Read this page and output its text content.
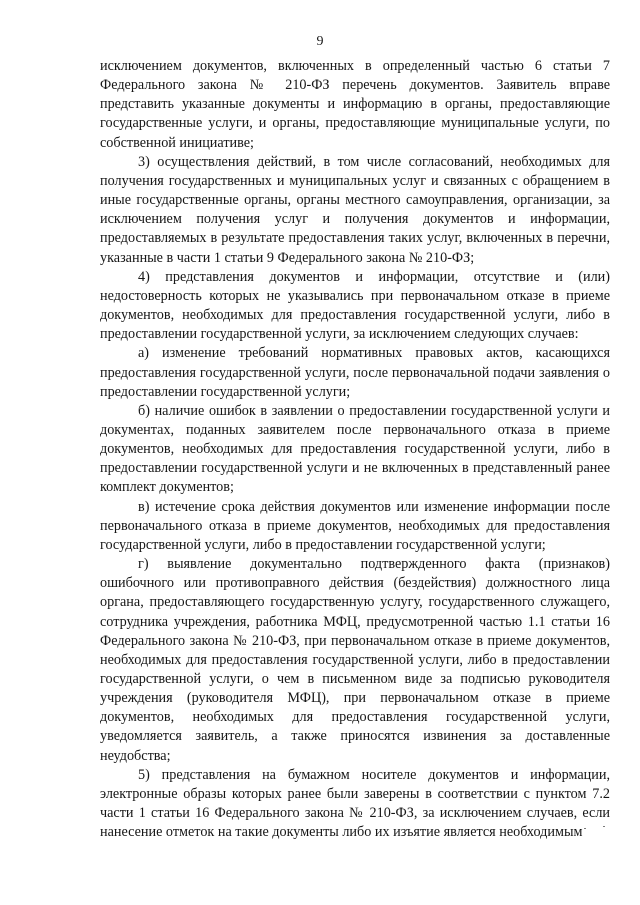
9

исключением документов, включенных в определенный частью 6 статьи 7 Федерального закона № 210-ФЗ перечень документов. Заявитель вправе представить указанные документы и информацию в органы, предоставляющие государственные услуги, и органы, предоставляющие муниципальные услуги, по собственной инициативе;

3) осуществления действий, в том числе согласований, необходимых для получения государственных и муниципальных услуг и связанных с обращением в иные государственные органы, органы местного самоуправления, организации, за исключением получения услуг и получения документов и информации, предоставляемых в результате предоставления таких услуг, включенных в перечни, указанные в части 1 статьи 9 Федерального закона № 210-ФЗ;

4) представления документов и информации, отсутствие и (или) недостоверность которых не указывались при первоначальном отказе в приеме документов, необходимых для предоставления государственной услуги, либо в предоставлении государственной услуги, за исключением следующих случаев:

а) изменение требований нормативных правовых актов, касающихся предоставления государственной услуги, после первоначальной подачи заявления о предоставлении государственной услуги;

б) наличие ошибок в заявлении о предоставлении государственной услуги и документах, поданных заявителем после первоначального отказа в приеме документов, необходимых для предоставления государственной услуги, либо в предоставлении государственной услуги и не включенных в представленный ранее комплект документов;

в) истечение срока действия документов или изменение информации после первоначального отказа в приеме документов, необходимых для предоставления государственной услуги, либо в предоставлении государственной услуги;

г) выявление документально подтвержденного факта (признаков) ошибочного или противоправного действия (бездействия) должностного лица органа, предоставляющего государственную услугу, государственного служащего, сотрудника учреждения, работника МФЦ, предусмотренной частью 1.1 статьи 16 Федерального закона № 210-ФЗ, при первоначальном отказе в приеме документов, необходимых для предоставления государственной услуги, либо в предоставлении государственной услуги, о чем в письменном виде за подписью руководителя учреждения (руководителя МФЦ), при первоначальном отказе в приеме документов, необходимых для предоставления государственной услуги, уведомляется заявитель, а также приносятся извинения за доставленные неудобства;

5) представления на бумажном носителе документов и информации, электронные образы которых ранее были заверены в соответствии с пунктом 7.2 части 1 статьи 16 Федерального закона № 210-ФЗ, за исключением случаев, если нанесение отметок на такие документы либо их изъятие является необходимым
